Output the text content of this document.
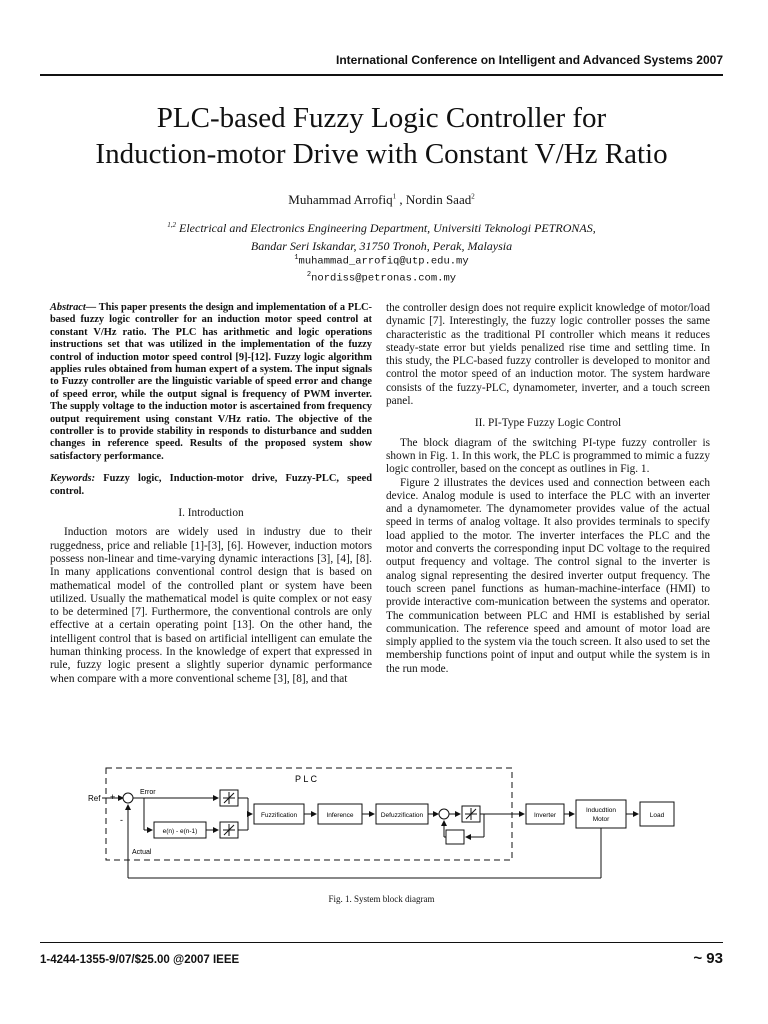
International Conference on Intelligent and Advanced Systems 2007
PLC-based Fuzzy Logic Controller for
Induction-motor Drive with Constant V/Hz Ratio
Muhammad Arrofiq$^1$ , Nordin Saad$^2$
$^{1,2}$ Electrical and Electronics Engineering Department, Universiti Teknologi PETRONAS,
Bandar Seri Iskandar, 31750 Tronoh, Perak, Malaysia
$^1$muhammad_arrofiq@utp.edu.my
$^2$nordiss@petronas.com.my

Abstract— This paper presents the design and implementation of a PLC-based fuzzy logic controller for an induction motor speed control at constant V/Hz ratio. The PLC has arithmetic and logic operations instructions set that was utilized in the implementation of the fuzzy control of induction motor speed control [9]-[12]. Fuzzy logic algorithm applies rules obtained from human expert of a system. The input signals to Fuzzy controller are the linguistic variable of speed error and change of speed error, while the output signal is frequency of PWM inverter. The supply voltage to the induction motor is ascertained from frequency output requirement using constant V/Hz ratio. The objective of the controller is to provide stability in responds to disturbance and sudden changes in reference speed. Results of the proposed system show satisfactory performance.

Keywords: Fuzzy logic, Induction-motor drive, Fuzzy-PLC, speed control.

I. Introduction

Induction motors are widely used in industry due to their ruggedness, price and reliable [1]-[3], [6]. However, induction motors possess non-linear and time-varying dynamic interactions [3], [4], [8]. In many applications conventional control design that is based on mathematical model of the controlled plant or system have been utilized. Usually the mathematical model is quite complex or not easy to be determined [7]. Furthermore, the conventional controls are only effective at a certain operating point [13]. On the other hand, the intelligent control that is based on artificial intelligent can emulate the human thinking process. In the knowledge of expert that expressed in rule, fuzzy logic present a slightly superior dynamic performance when compare with a more conventional scheme [3], [8], and that

the controller design does not require explicit knowledge of motor/load dynamic [7]. Interestingly, the fuzzy logic controller posses the same characteristic as the traditional PI controller which means it reduces steady-state error but yields penalized rise time and settling time. In this study, the PLC-based fuzzy controller is developed to monitor and control the motor speed of an induction motor. The system hardware consists of the fuzzy-PLC, dynamometer, inverter, and a touch screen panel.

II. PI-Type Fuzzy Logic Control

The block diagram of the switching PI-type fuzzy controller is shown in Fig. 1. In this work, the PLC is programmed to mimic a fuzzy logic controller, based on the concept as outlines in Fig. 1.

Figure 2 illustrates the devices used and connection between each device. Analog module is used to interface the PLC with an inverter and a dynamometer. The dynamometer provides value of the actual speed in terms of analog voltage. It also provides terminals to specify load applied to the motor. The inverter interfaces the PLC and the motor and converts the corresponding input DC voltage to the required output frequency and voltage. The control signal to the inverter is analog signal representing the desired inverter output frequency. The touch screen panel functions as human-machine-interface (HMI) to provide interactive com-munication between the systems and operator. The communication between PLC and HMI is established by serial communication. The reference speed and amount of motor load are simply applied to the system via the touch screen. It also used to set the membership functions point of input and output while the system is in the run mode.

P L C
Ref +
-
Error
e(n) - e(n-1)
Fuzzification	Inference	Defuzzification	Inverter
Inducdtion
Motor
Load
Actual
Fig. 1. System block diagram
1-4244-1355-9/07/$25.00 @2007 IEEE	~ 93
